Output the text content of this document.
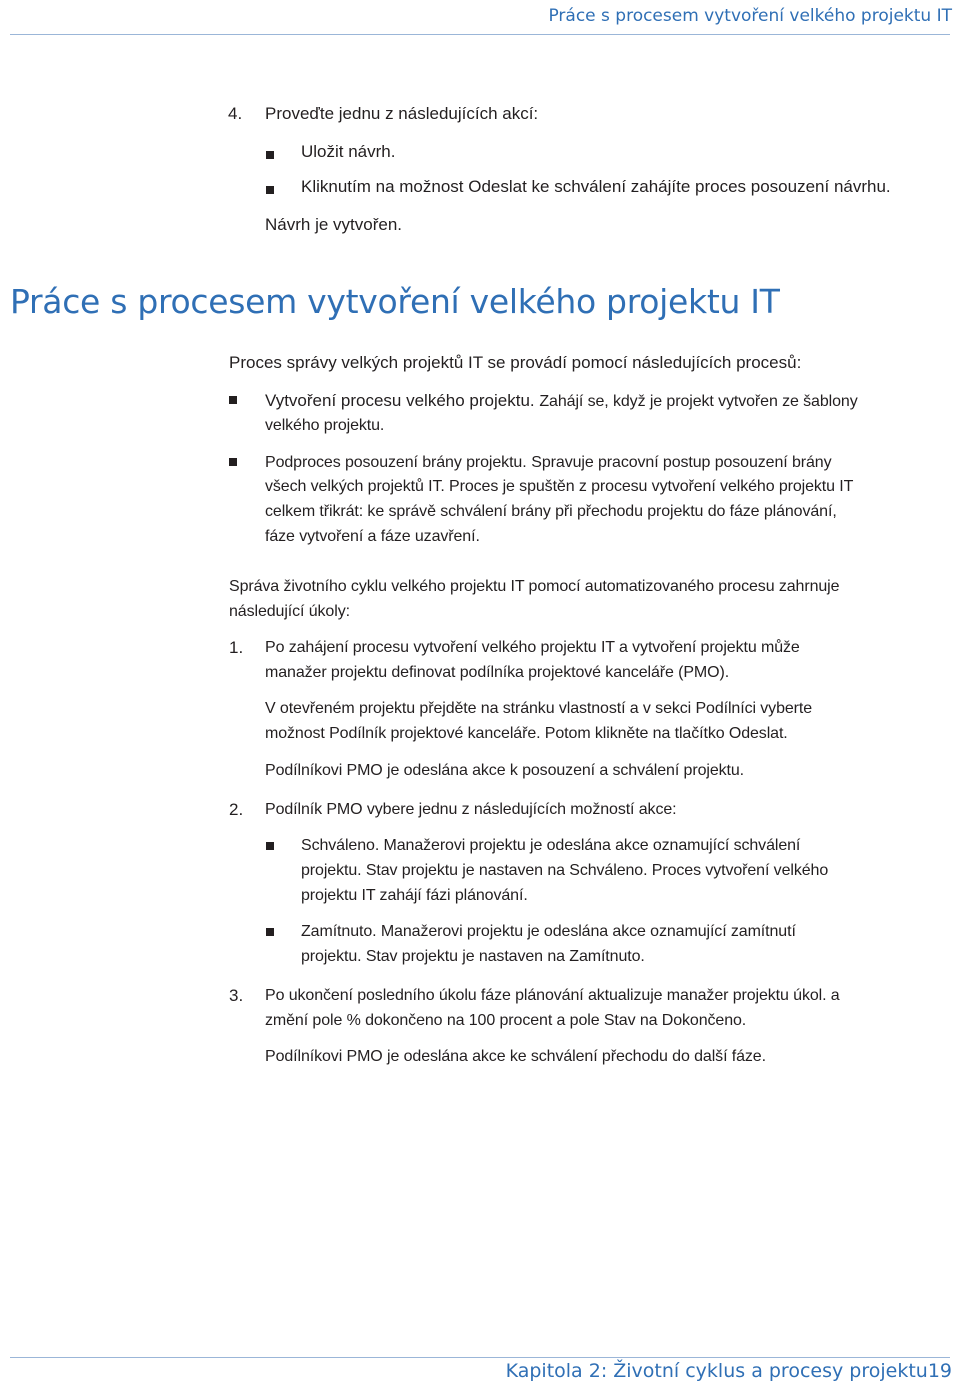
Práce s procesem vytvoření velkého projektu IT
4. Proveďte jednu z následujících akcí:
Uložit návrh.
Kliknutím na možnost Odeslat ke schválení zahájíte proces posouzení návrhu.
Návrh je vytvořen.
Práce s procesem vytvoření velkého projektu IT
Proces správy velkých projektů IT se provádí pomocí následujících procesů:
Vytvoření procesu velkého projektu. Zahájí se, když je projekt vytvořen ze šablony
velkého projektu.
Podproces posouzení brány projektu. Spravuje pracovní postup posouzení brány
všech velkých projektů IT. Proces je spuštěn z procesu vytvoření velkého projektu IT
celkem třikrát: ke správě schválení brány při přechodu projektu do fáze plánování,
fáze vytvoření a fáze uzavření.
Správa životního cyklu velkého projektu IT pomocí automatizovaného procesu zahrnuje
následující úkoly:
1. Po zahájení procesu vytvoření velkého projektu IT a vytvoření projektu může
manažer projektu definovat podílníka projektové kanceláře (PMO).
V otevřeném projektu přejděte na stránku vlastností a v sekci Podílníci vyberte
možnost Podílník projektové kanceláře. Potom klikněte na tlačítko Odeslat.
Podílníkovi PMO je odeslána akce k posouzení a schválení projektu.
2. Podílník PMO vybere jednu z následujících možností akce:
Schváleno. Manažerovi projektu je odeslána akce oznamující schválení
projektu. Stav projektu je nastaven na Schváleno. Proces vytvoření velkého
projektu IT zahájí fázi plánování.
Zamítnuto. Manažerovi projektu je odeslána akce oznamující zamítnutí
projektu. Stav projektu je nastaven na Zamítnuto.
3. Po ukončení posledního úkolu fáze plánování aktualizuje manažer projektu úkol. a
změní pole % dokončeno na 100 procent a pole Stav na Dokončeno.
Podílníkovi PMO je odeslána akce ke schválení přechodu do další fáze.
Kapitola 2: Životní cyklus a procesy projektu19
